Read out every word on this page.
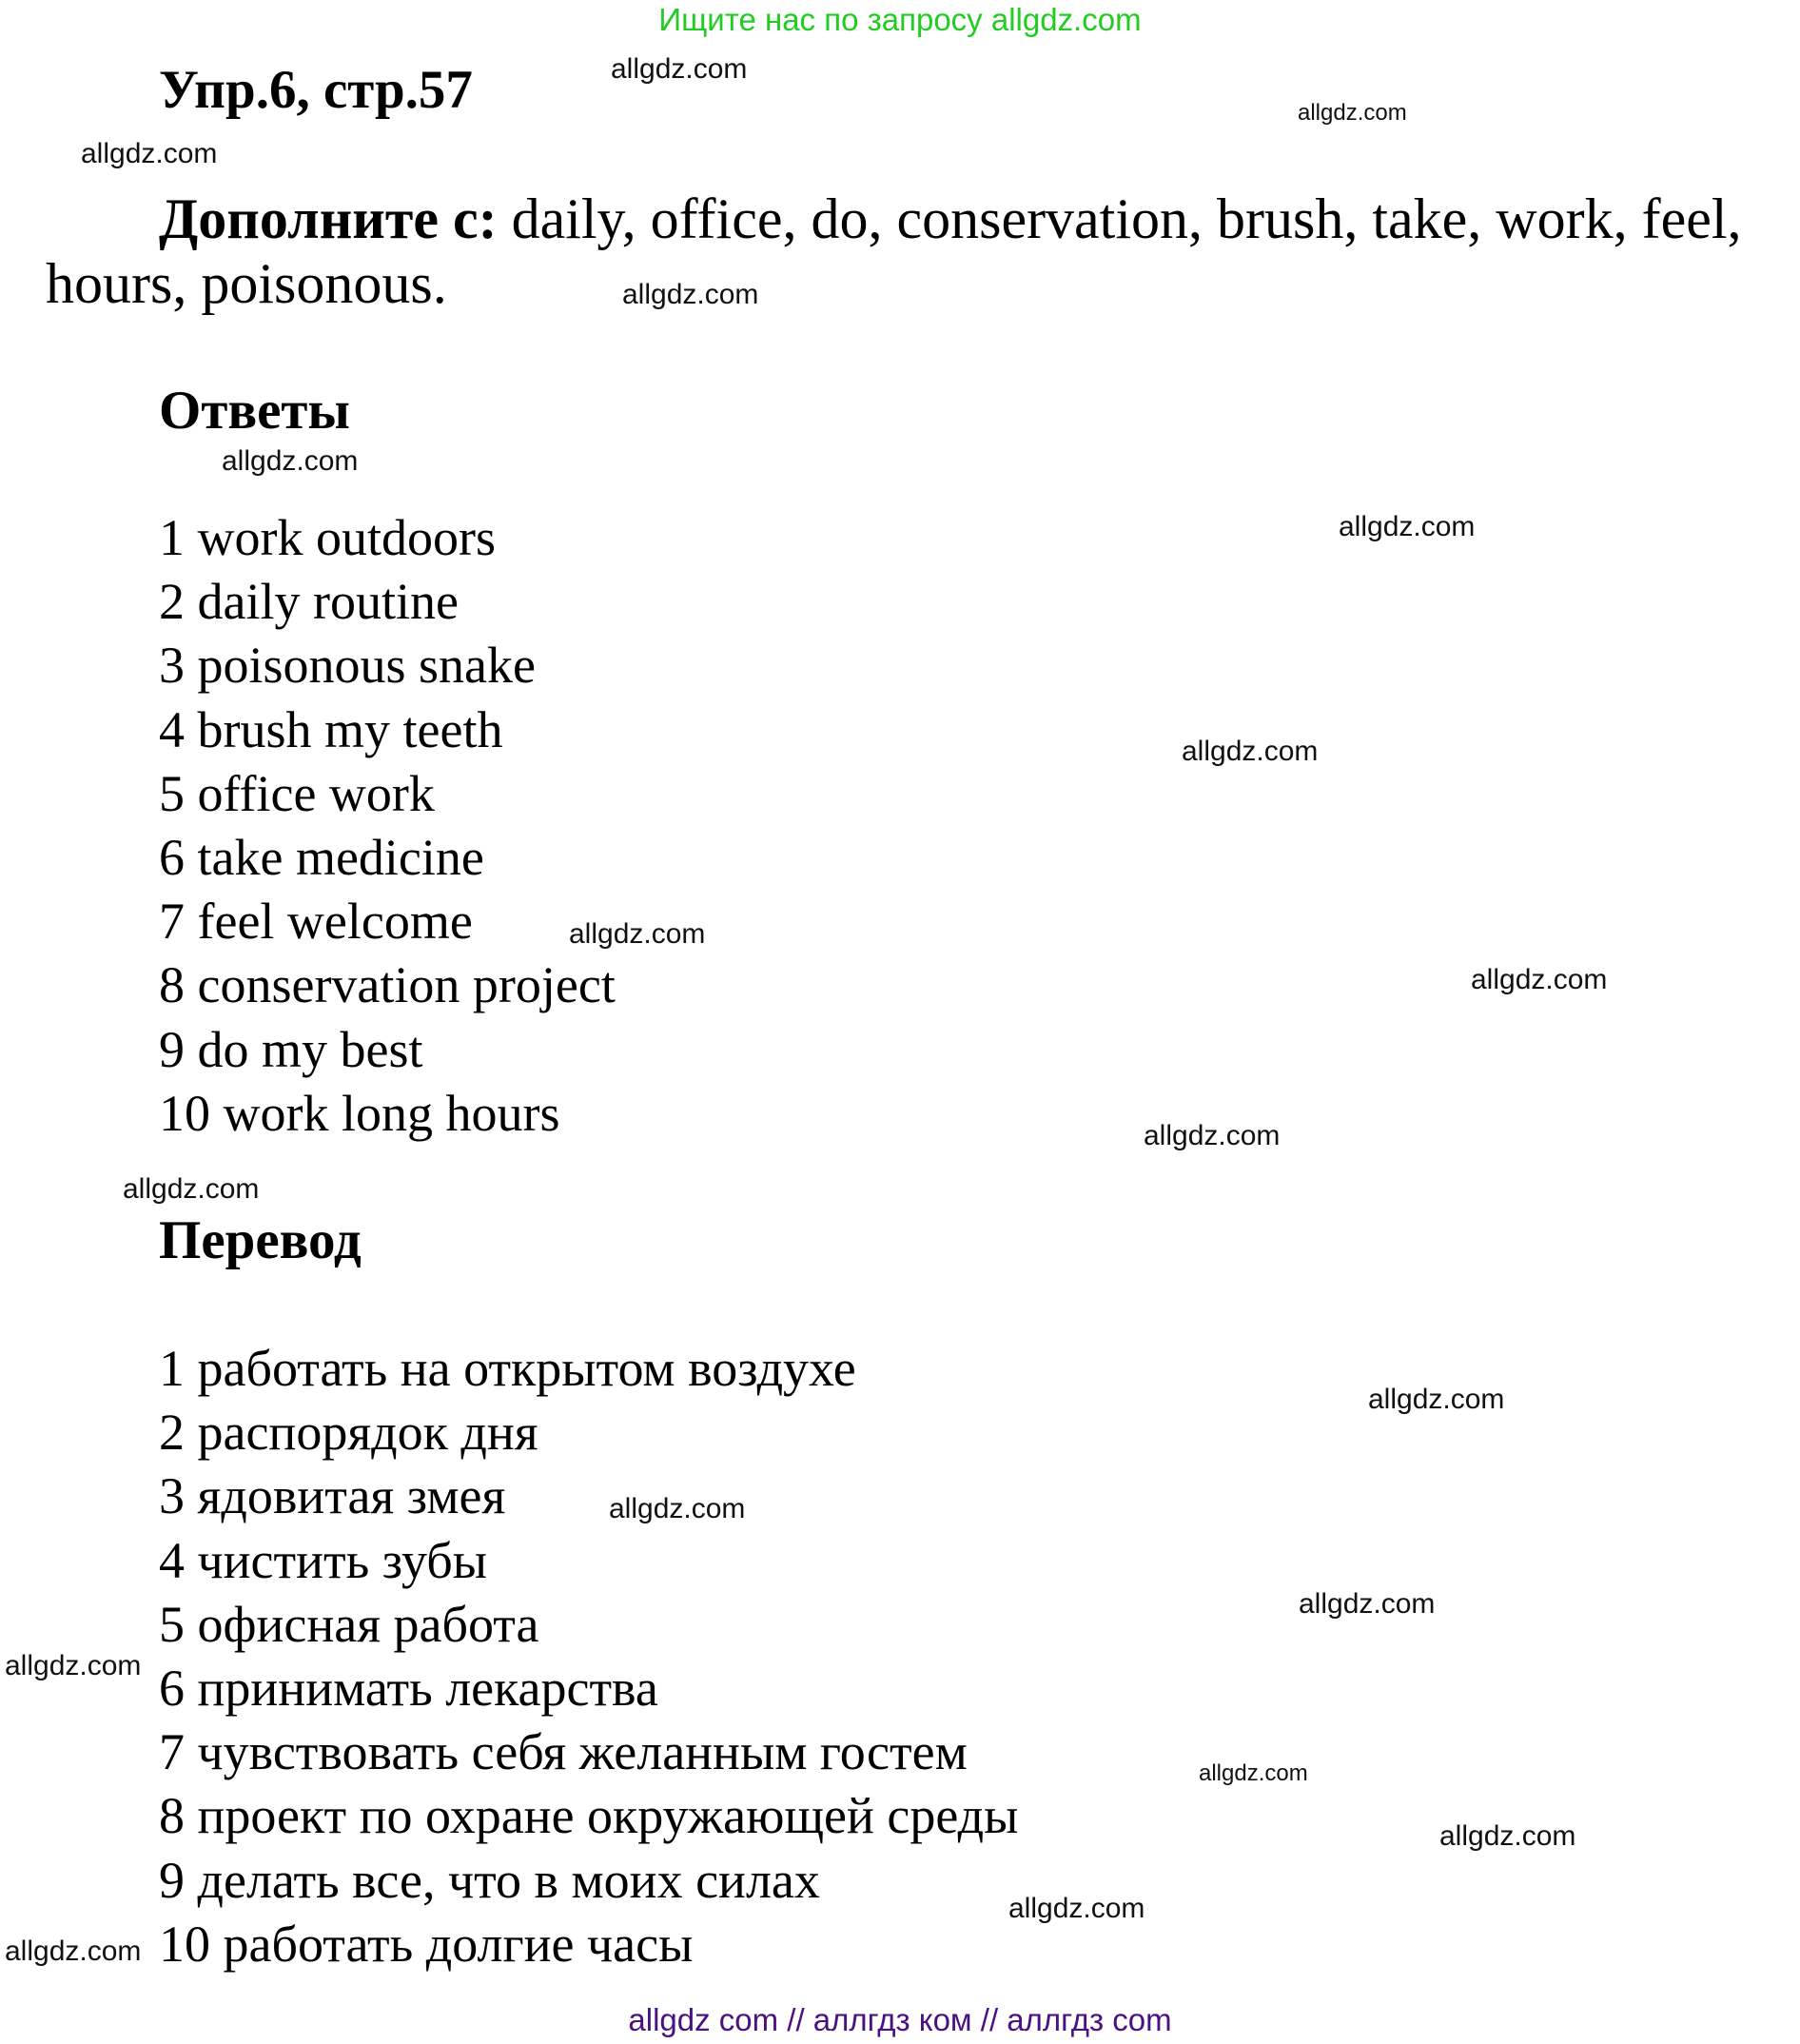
Ищите нас по запросу allgdz.com
Упр.6, стр.57
Дополните с: daily, office, do, conservation, brush, take, work, feel,
hours, poisonous.
Ответы
1 work outdoors
2 daily routine
3 poisonous snake
4 brush my teeth
5 office work
6 take medicine
7 feel welcome
8 conservation project
9 do my best
10 work long hours
Перевод
1 работать на открытом воздухе
2 распорядок дня
3 ядовитая змея
4 чистить зубы
5 офисная работа
6 принимать лекарства
7 чувствовать себя желанным гостем
8 проект по охране окружающей среды
9 делать все, что в моих силах
10 работать долгие часы
allgdz.com
allgdz.com
allgdz.com
allgdz.com
allgdz.com
allgdz.com
allgdz.com
allgdz.com
allgdz.com
allgdz.com
allgdz.com
allgdz.com
allgdz.com
allgdz.com
allgdz.com
allgdz.com
allgdz.com
allgdz.com
allgdz.com
allgdz com // аллгдз ком // аллгдз com
